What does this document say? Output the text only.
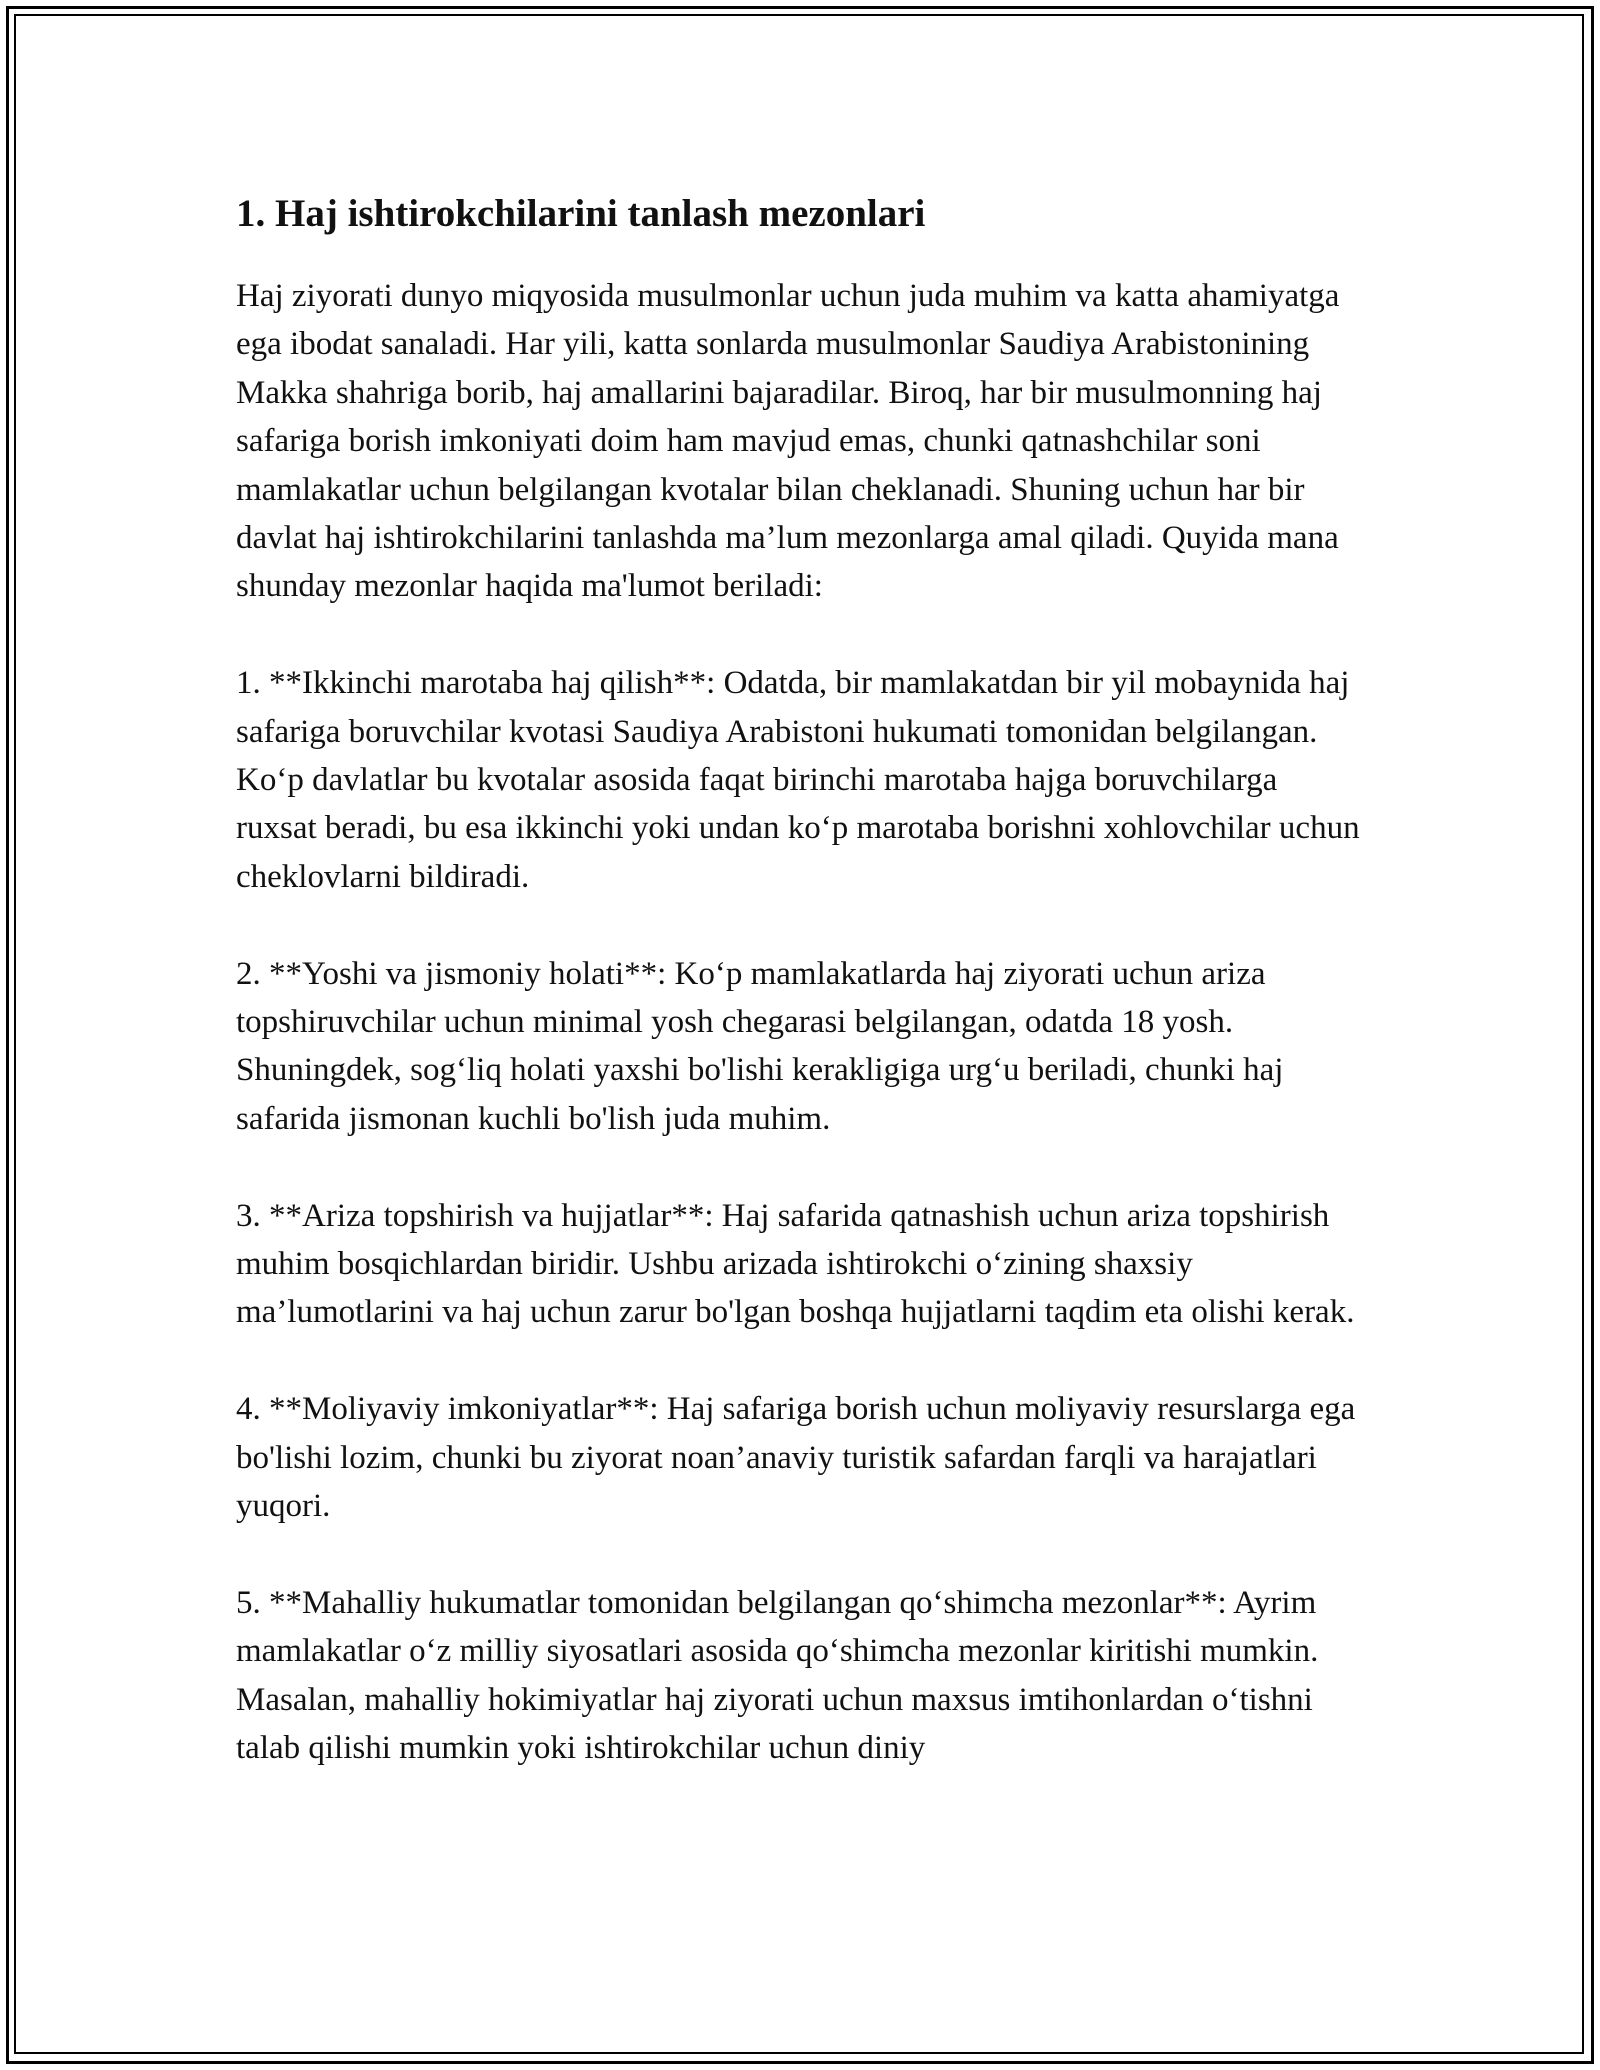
1. Haj ishtirokchilarini tanlash mezonlari

Haj ziyorati dunyo miqyosida musulmonlar uchun juda muhim va katta ahamiyatga ega ibodat sanaladi. Har yili, katta sonlarda musulmonlar Saudiya Arabistonining Makka shahriga borib, haj amallarini bajaradilar. Biroq, har bir musulmonning haj safariga borish imkoniyati doim ham mavjud emas, chunki qatnashchilar soni mamlakatlar uchun belgilangan kvotalar bilan cheklanadi. Shuning uchun har bir davlat haj ishtirokchilarini tanlashda ma’lum mezonlarga amal qiladi. Quyida mana shunday mezonlar haqida ma'lumot beriladi:

1. **Ikkinchi marotaba haj qilish**: Odatda, bir mamlakatdan bir yil mobaynida haj safariga boruvchilar kvotasi Saudiya Arabistoni hukumati tomonidan belgilangan. Ko‘p davlatlar bu kvotalar asosida faqat birinchi marotaba hajga boruvchilarga ruxsat beradi, bu esa ikkinchi yoki undan ko‘p marotaba borishni xohlovchilar uchun cheklovlarni bildiradi.

2. **Yoshi va jismoniy holati**: Ko‘p mamlakatlarda haj ziyorati uchun ariza topshiruvchilar uchun minimal yosh chegarasi belgilangan, odatda 18 yosh. Shuningdek, sog‘liq holati yaxshi bo'lishi kerakligiga urg‘u beriladi, chunki haj safarida jismonan kuchli bo'lish juda muhim.

3. **Ariza topshirish va hujjatlar**: Haj safarida qatnashish uchun ariza topshirish muhim bosqichlardan biridir. Ushbu arizada ishtirokchi o‘zining shaxsiy ma’lumotlarini va haj uchun zarur bo'lgan boshqa hujjatlarni taqdim eta olishi kerak.

4. **Moliyaviy imkoniyatlar**: Haj safariga borish uchun moliyaviy resurslarga ega bo'lishi lozim, chunki bu ziyorat noan’anaviy turistik safardan farqli va harajatlari yuqori.

5. **Mahalliy hukumatlar tomonidan belgilangan qo‘shimcha mezonlar**: Ayrim mamlakatlar o‘z milliy siyosatlari asosida qo‘shimcha mezonlar kiritishi mumkin. Masalan, mahalliy hokimiyatlar haj ziyorati uchun maxsus imtihonlardan o‘tishni talab qilishi mumkin yoki ishtirokchilar uchun diniy
